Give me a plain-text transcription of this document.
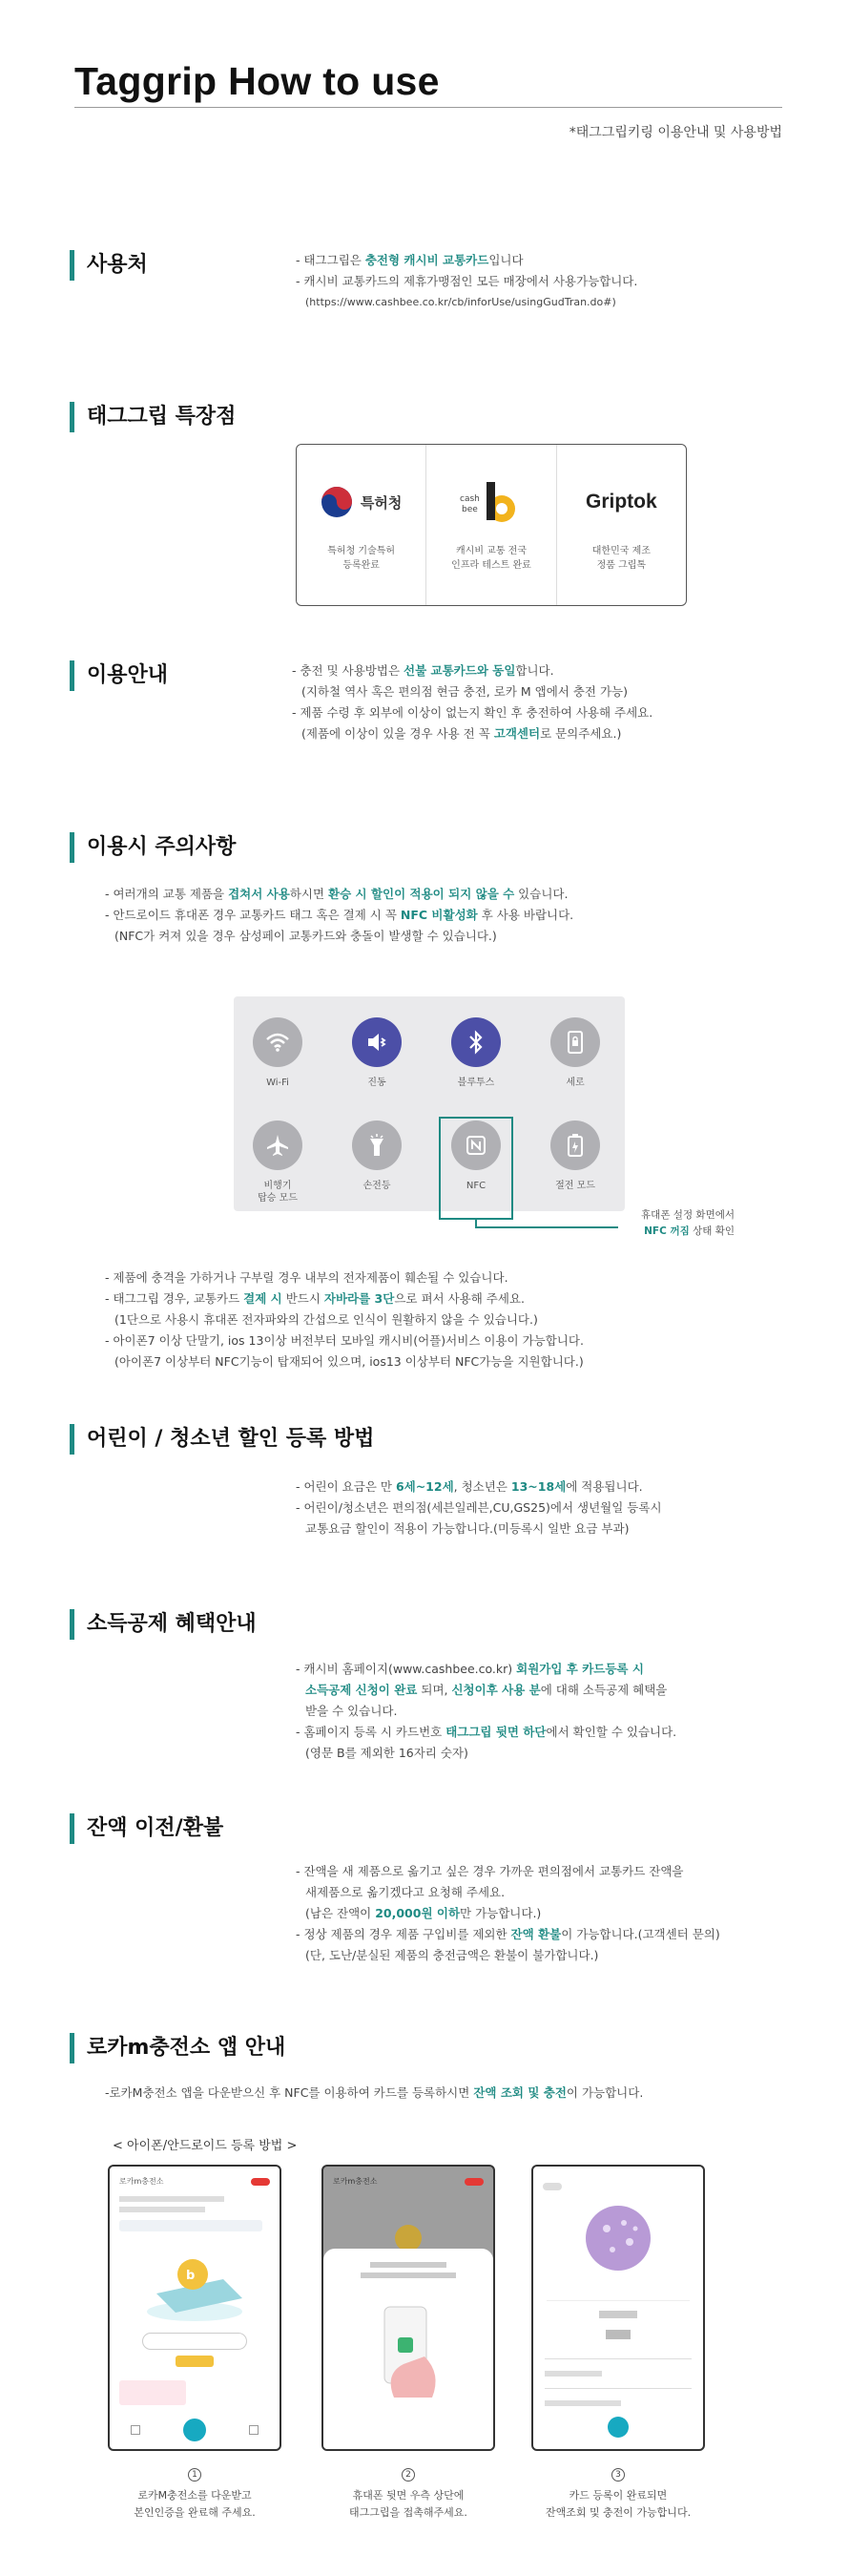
Taggrip How to use
*태그그립키링 이용안내 및 사용방법
사용처	- 태그그립은 충전형 캐시비 교통카드입니다

- 캐시비 교통카드의 제휴가맹점인 모든 매장에서 사용가능합니다.

(https://www.cashbee.co.kr/cb/inforUse/usingGudTran.do#)

태그그립 특장점
특허청
특허청 기술특허
등록완료
cash
bee
캐시비 교통 전국
인프라 테스트 완료
Griptok
대한민국 제조
정품 그립톡
이용안내	- 충전 및 사용방법은 선불 교통카드와 동일합니다.

(지하철 역사 혹은 편의점 현금 충전, 로카 M 앱에서 충전 가능)

- 제품 수령 후 외부에 이상이 없는지 확인 후 충전하여 사용해 주세요.

(제품에 이상이 있을 경우 사용 전 꼭 고객센터로 문의주세요.)

이용시 주의사항

- 여러개의 교통 제품을 겹쳐서 사용하시면 환승 시 할인이 적용이 되지 않을 수 있습니다.

- 안드로이드 휴대폰 경우 교통카드 태그 혹은 결제 시 꼭 NFC 비활성화 후 사용 바랍니다.

(NFC가 켜져 있을 경우 삼성페이 교통카드와 충돌이 발생할 수 있습니다.)

Wi-Fi	진동	블루투스	세로
비행기
탑승 모드
손전등	NFC	절전 모드
휴대폰 설정 화면에서
NFC 꺼짐 상태 확인

- 제품에 충격을 가하거나 구부릴 경우 내부의 전자제품이 훼손될 수 있습니다.

- 태그그립 경우, 교통카드 결제 시 반드시 자바라를 3단으로 펴서 사용해 주세요.

(1단으로 사용시 휴대폰 전자파와의 간섭으로 인식이 원활하지 않을 수 있습니다.)

- 아이폰7 이상 단말기, ios 13이상 버전부터 모바일 캐시비(어플)서비스 이용이 가능합니다.

(아이폰7 이상부터 NFC기능이 탑재되어 있으며, ios13 이상부터 NFC가능을 지원합니다.)

어린이 / 청소년 할인 등록 방법

- 어린이 요금은 만 6세~12세, 청소년은 13~18세에 적용됩니다.

- 어린이/청소년은 편의점(세븐일레븐,CU,GS25)에서 생년월일 등록시

교통요금 할인이 적용이 가능합니다.(미등록시 일반 요금 부과)

소득공제 혜택안내

- 캐시비 홈페이지(www.cashbee.co.kr) 회원가입 후 카드등록 시

소득공제 신청이 완료 되며, 신청이후 사용 분에 대해 소득공제 혜택을

받을 수 있습니다.

- 홈페이지 등록 시 카드번호 태그그립 뒷면 하단에서 확인할 수 있습니다.

(영문 B를 제외한 16자리 숫자)

잔액 이전/환불

- 잔액을 새 제품으로 옮기고 싶은 경우 가까운 편의점에서 교통카드 잔액을

새제품으로 옮기겠다고 요청해 주세요.

(남은 잔액이 20,000원 이하만 가능합니다.)

- 정상 제품의 경우 제품 구입비를 제외한 잔액 환불이 가능합니다.(고객센터 문의)

(단, 도난/분실된 제품의 충전금액은 환불이 불가합니다.)

로카m충전소 앱 안내

-로카M충전소 앱을 다운받으신 후 NFC를 이용하여 카드를 등록하시면 잔액 조회 및 충전이 가능합니다.

< 아이폰/안드로이드 등록 방법 >
로카m충전소
b
1
로카M충전소를 다운받고
본인인증을 완료해 주세요.
로카m충전소
2
휴대폰 뒷면 우측 상단에
태그그립을 접촉해주세요.
3
카드 등록이 완료되면
잔액조회 및 충전이 가능합니다.
